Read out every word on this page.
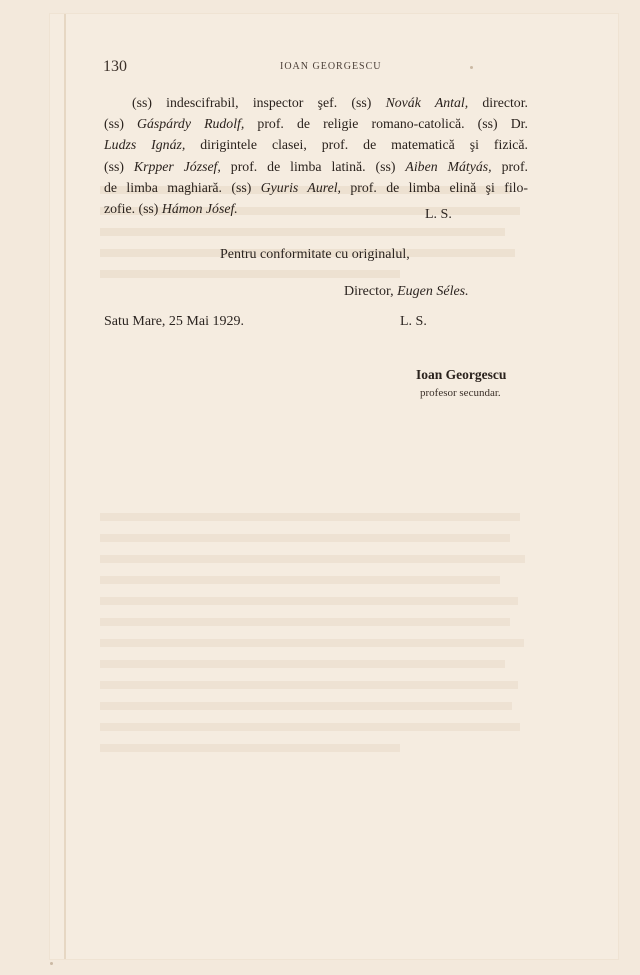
130	IOAN GEORGESCU
(ss) indescifrabil, inspector şef. (ss) Novák Antal, director.
(ss) Gáspárdy Rudolf, prof. de religie romano-catolică. (ss) Dr.
Ludzs Ignáz, dirigintele clasei, prof. de matematică şi fizică.
(ss) Krpper József, prof. de limba latină. (ss) Aiben Mátyás, prof.
de limba maghiară. (ss) Gyuris Aurel, prof. de limba elină şi filo-
zofie. (ss) Hámon Jósef.	L. S.
Pentru conformitate cu originalul,
Director, Eugen Séles.
Satu Mare, 25 Mai 1929.	L. S.
Ioan Georgescu
profesor secundar.
